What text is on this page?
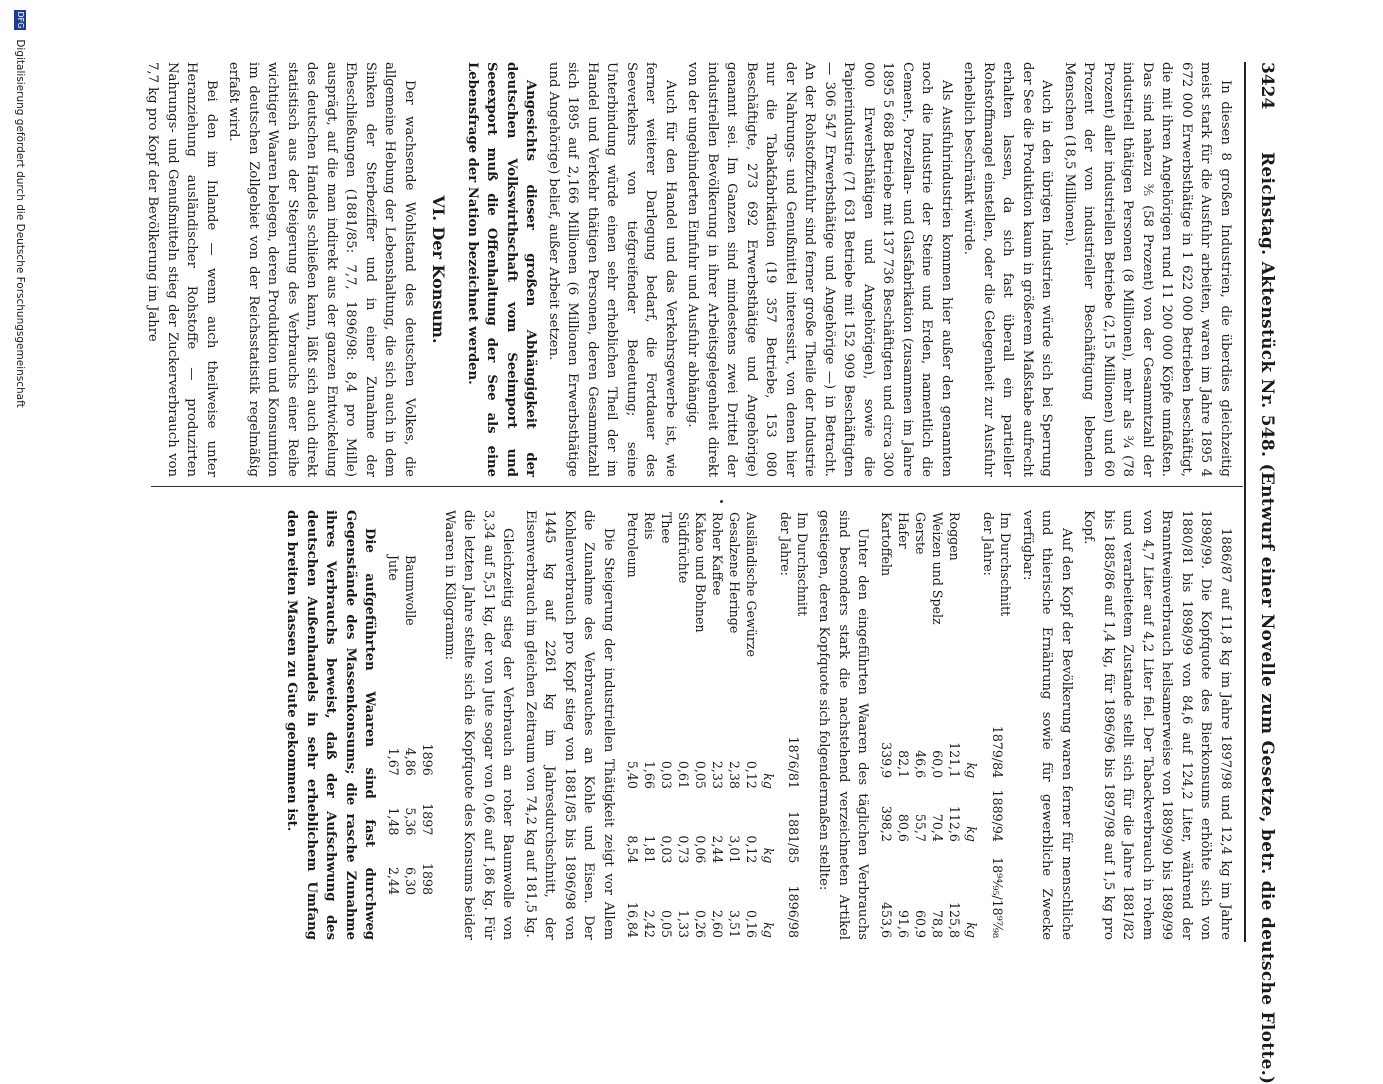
3424
Reichstag. Aktenstück Nr. 548. (Entwurf einer Novelle zum Gesetze, betr. die deutsche Flotte.)

In diesen 8 großen Industrien, die überdies gleichzeitig meist stark für die Ausfuhr arbeiten, waren im Jahre 1895 4 672 000 Erwerbsthätige in 1 622 000 Betrieben beschäftigt, die mit ihren Angehörigen rund 11 200 000 Köpfe umfaßten. Das sind nahezu ⅗ (58 Prozent) von der Gesammtzahl der industriell thätigen Personen (8 Millionen), mehr als ¾ (78 Prozent) aller industriellen Betriebe (2,15 Millionen) und 60 Prozent der von industrieller Beschäftigung lebenden Menschen (18,5 Millionen).

Auch in den übrigen Industrien würde sich bei Sperrung der See die Produktion kaum in größerem Maßstabe aufrecht erhalten lassen, da sich fast überall ein partieller Rohstoffmangel einstellen, oder die Gelegenheit zur Ausfuhr erheblich beschränkt würde.

Als Ausfuhrindustrien kommen hier außer den genannten noch die Industrie der Steine und Erden, namentlich die Cement-, Porzellan- und Glasfabrikation (zusammen im Jahre 1895 5 688 Betriebe mit 137 736 Beschäftigten und circa 300 000 Erwerbsthätigen und Angehörigen), sowie die Papierindustrie (71 631 Betriebe mit 152 909 Beschäftigten — 306 547 Erwerbsthätige und Angehörige —) in Betracht. An der Rohstoffzufuhr sind ferner große Theile der Industrie der Nahrungs- und Genußmittel interessirt, von denen hier nur die Tabakfabrikation (19 357 Betriebe, 153 080 Beschäftigte, 273 692 Erwerbsthätige und Angehörige) genannt sei. Im Ganzen sind mindestens zwei Drittel der industriellen Bevölkerung in ihrer Arbeitsgelegenheit direkt von der ungehinderten Einfuhr und Ausfuhr abhängig.

Auch für den Handel und das Verkehrsgewerbe ist, wie ferner weiterer Darlegung bedarf, die Fortdauer des Seeverkehrs von tiefgreifender Bedeutung; seine Unterbindung würde einen sehr erheblichen Theil der im Handel und Verkehr thätigen Personen, deren Gesammtzahl sich 1895 auf 2,166 Millionen (6 Millionen Erwerbsthätige und Angehörige) belief, außer Arbeit setzen.

Angesichts dieser großen Abhängigkeit der deutschen Volkswirthschaft vom Seeimport und Seeexport muß die Offenhaltung der See als eine Lebensfrage der Nation bezeichnet werden.

VI. Der Konsum.

Der wachsende Wohlstand des deutschen Volkes, die allgemeine Hebung der Lebenshaltung, die sich auch in dem Sinken der Sterbeziffer und in einer Zunahme der Eheschließungen (1881/85: 7,7, 1896/98: 8,4 pro Mille) ausprägt, auf die man indirekt aus der ganzen Entwickelung des deutschen Handels schließen kann, läßt sich auch direkt statistisch aus der Steigerung des Verbrauchs einer Reihe wichtiger Waaren belegen, deren Produktion und Konsumtion im deutschen Zollgebiet von der Reichsstatistik regelmäßig erfaßt wird.

Bei den im Inlande — wenn auch theilweise unter Heranziehung ausländischer Rohstoffe — produzirten Nahrungs- und Genußmitteln stieg der Zuckerverbrauch von 7,7 kg pro Kopf der Bevölkerung im Jahre

1886/87 auf 11,8 kg im Jahre 1897/98 und 12,4 kg im Jahre 1898/99. Die Kopfquote des Bierkonsums erhöhte sich von 1880/81 bis 1898/99 von 84,6 auf 124,2 Liter, während der Branntweinverbrauch heilsamerweise von 1889/90 bis 1898/99 von 4,7 Liter auf 4,2 Liter fiel. Der Tabackverbrauch in rohem und verarbeitetem Zustande stellt sich für die Jahre 1881/82 bis 1885/86 auf 1,4 kg, für 1896/96 bis 1897/98 auf 1,5 kg pro Kopf.

Auf den Kopf der Bevölkerung waren ferner für menschliche und thierische Ernährung sowie für gewerbliche Zwecke verfügbar:

Im Durchschnitt
der Jahre:	1879/84	1889/94	18⁹⁴⁄₉₅/18⁹⁷⁄₉₈
	kg	kg	kg
Roggen	121,1	112,6	125,8
Weizen und Spelz	60,0	70,4	78,8
Gerste	46,6	55,7	60,9
Hafer	82,1	80,6	91,6
Kartoffeln	339,9	398,2	453,6

Unter den eingeführten Waaren des täglichen Verbrauchs sind besonders stark die nachstehend verzeichneten Artikel gestiegen, deren Kopfquote sich folgendermaßen stellte:

Im Durchschnitt
der Jahre:	1876/81	1881/85	1896/98
	kg	kg	kg
Ausländische Gewürze	0,12	0,12	0,16
Gesalzene Heringe	2,38	3,01	3,51
Roher Kaffee	2,33	2,44	2,60
Kakao und Bohnen	0,05	0,06	0,26
Südfrüchte	0,61	0,73	1,33
Thee	0,03	0,03	0,05
Reis	1,66	1,81	2,42
Petroleum	5,40	8,54	16,84

Die Steigerung der industriellen Thätigkeit zeigt vor Allem die Zunahme des Verbrauches an Kohle und Eisen. Der Kohlenverbrauch pro Kopf stieg von 1881/85 bis 1896/98 von 1445 kg auf 2261 kg im Jahresdurchschnitt, der Eisenverbrauch im gleichen Zeitraum von 74,2 kg auf 181,5 kg.

Gleichzeitig stieg der Verbrauch an roher Baumwolle von 3,34 auf 5,51 kg, der von Jute sogar von 0,66 auf 1,86 kg. Für die letzten Jahre stellte sich die Kopfquote des Konsums beider Waaren in Kilogramm:

	1896	1897	1898
Baumwolle	4,86	5,36	6,30
Jute	1,67	1,48	2,44

Die aufgeführten Waaren sind fast durchweg Gegenstände des Massenkonsums; die rasche Zunahme ihres Verbrauchs beweist, daß der Aufschwung des deutschen Außenhandels in sehr erheblichem Umfang den breiten Massen zu Gute gekommen ist.

DFG Digitalisierung gefördert durch die Deutsche Forschungsgemeinschaft
